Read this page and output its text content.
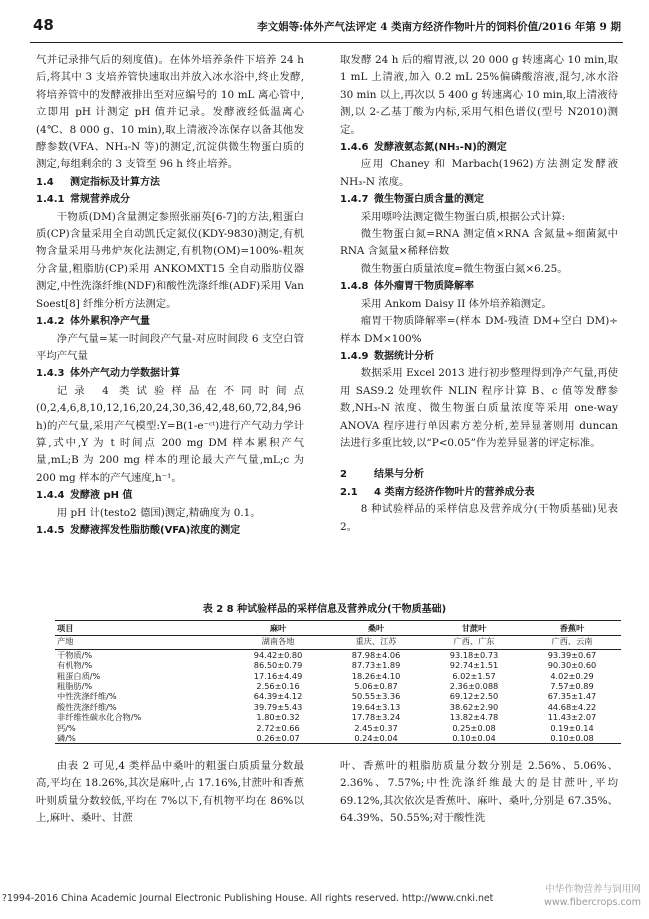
48	李文娟等:体外产气法评定 4 类南方经济作物叶片的饲料价值/2016 年第 9 期

气并记录排气后的刻度值)。在体外培养条件下培养 24 h 后,将其中 3 支培养管快速取出并放入冰水浴中,终止发酵,将培养管中的发酵液排出至对应编号的 10 mL 离心管中,立即用 pH 计测定 pH 值并记录。发酵液经低温离心(4℃、8 000 g、10 min),取上清液冷冻保存以备其他发酵参数(VFA、NH₃-N 等)的测定,沉淀供微生物蛋白质的测定,每组剩余的 3 支管至 96 h 终止培养。

1.4 测定指标及计算方法

1.4.1 常规营养成分

干物质(DM)含量测定参照张丽英[6-7]的方法,粗蛋白质(CP)含量采用全自动凯氏定氮仪(KDY-9830)测定,有机物含量采用马弗炉灰化法测定,有机物(OM)=100%-粗灰分含量,粗脂肪(CP)采用 ANKOMXT15 全自动脂肪仪器测定,中性洗涤纤维(NDF)和酸性洗涤纤维(ADF)采用 Van Soest[8] 纤维分析方法测定。

1.4.2 体外累积净产气量

净产气量=某一时间段产气量-对应时间段 6 支空白管平均产气量

1.4.3 体外产气动力学数据计算

记录 4 类试验样品在不同时间点(0,2,4,6,8,10,12,16,20,24,30,36,42,48,60,72,84,96 h)的产气量,采用产气模型:Y=B(1-e⁻ᶜᵗ)进行产气动力学计算,式中,Y 为 t 时间点 200 mg DM 样本累积产气量,mL;B 为 200 mg 样本的理论最大产气量,mL;c 为 200 mg 样本的产气速度,h⁻¹。

1.4.4 发酵液 pH 值

用 pH 计(testo2 德国)测定,精确度为 0.1。

1.4.5 发酵液挥发性脂肪酸(VFA)浓度的测定

取发酵 24 h 后的瘤胃液,以 20 000 g 转速离心 10 min,取 1 mL 上清液,加入 0.2 mL 25%偏磷酸溶液,混匀,冰水浴 30 min 以上,再次以 5 400 g 转速离心 10 min,取上清液待测,以 2-乙基丁酸为内标,采用气相色谱仪(型号 N2010)测定。

1.4.6 发酵液氨态氮(NH₃-N)的测定

应用 Chaney 和 Marbach(1962)方法测定发酵液 NH₃-N 浓度。

1.4.7 微生物蛋白质含量的测定

采用嘌呤法测定微生物蛋白质,根据公式计算:

微生物蛋白氮=RNA 测定值×RNA 含氮量÷细菌氮中 RNA 含氮量×稀释倍数

微生物蛋白质量浓度=微生物蛋白氮×6.25。

1.4.8 体外瘤胃干物质降解率

采用 Ankom Daisy II 体外培养箱测定。

瘤胃干物质降解率=(样本 DM-残渣 DM+空白 DM)÷样本 DM×100%

1.4.9 数据统计分析

数据采用 Excel 2013 进行初步整理得到净产气量,再使用 SAS9.2 处理软件 NLIN 程序计算 B、c 值等发酵参数,NH₃-N 浓度、微生物蛋白质量浓度等采用 one-way ANOVA 程序进行单因素方差分析,差异显著则用 duncan 法进行多重比较,以“P<0.05”作为差异显著的评定标准。

2	结果与分析

2.1 4 类南方经济作物叶片的营养成分表

8 种试验样品的采样信息及营养成分(干物质基础)见表 2。

表 2 8 种试验样品的采样信息及营养成分(干物质基础)
项目	麻叶	桑叶	甘蔗叶	香蕉叶
产地	湖南各地	重庆、江苏	广西、广东	广西、云南
干物质/%	94.42±0.80	87.98±4.06	93.18±0.73	93.39±0.67
有机物/%	86.50±0.79	87.73±1.89	92.74±1.51	90.30±0.60
粗蛋白质/%	17.16±4.49	18.26±4.10	6.02±1.57	4.02±0.29
粗脂肪/%	2.56±0.16	5.06±0.87	2.36±0.088	7.57±0.89
中性洗涤纤维/%	64.39±4.12	50.55±3.36	69.12±2.50	67.35±1.47
酸性洗涤纤维/%	39.79±5.43	19.64±3.13	38.62±2.90	44.68±4.22
非纤维性碳水化合物/%	1.80±0.32	17.78±3.24	13.82±4.78	11.43±2.07
钙/%	2.72±0.66	2.45±0.37	0.25±0.08	0.19±0.14
磷/%	0.26±0.07	0.24±0.04	0.10±0.04	0.10±0.08

由表 2 可见,4 类样品中桑叶的粗蛋白质质量分数最高,平均在 18.26%,其次是麻叶,占 17.16%,甘蔗叶和香蕉叶则质量分数较低,平均在 7%以下,有机物平均在 86%以上,麻叶、桑叶、甘蔗

叶、香蕉叶的粗脂肪质量分数分别是 2.56%、5.06%、2.36%、7.57%;中性洗涤纤维最大的是甘蔗叶,平均 69.12%,其次依次是香蕉叶、麻叶、桑叶,分别是 67.35%、64.39%、50.55%;对于酸性洗

?1994-2016 China Academic Journal Electronic Publishing House. All rights reserved. http://www.cnki.net
中华作物营养与饲用网
www.fibercrops.com
